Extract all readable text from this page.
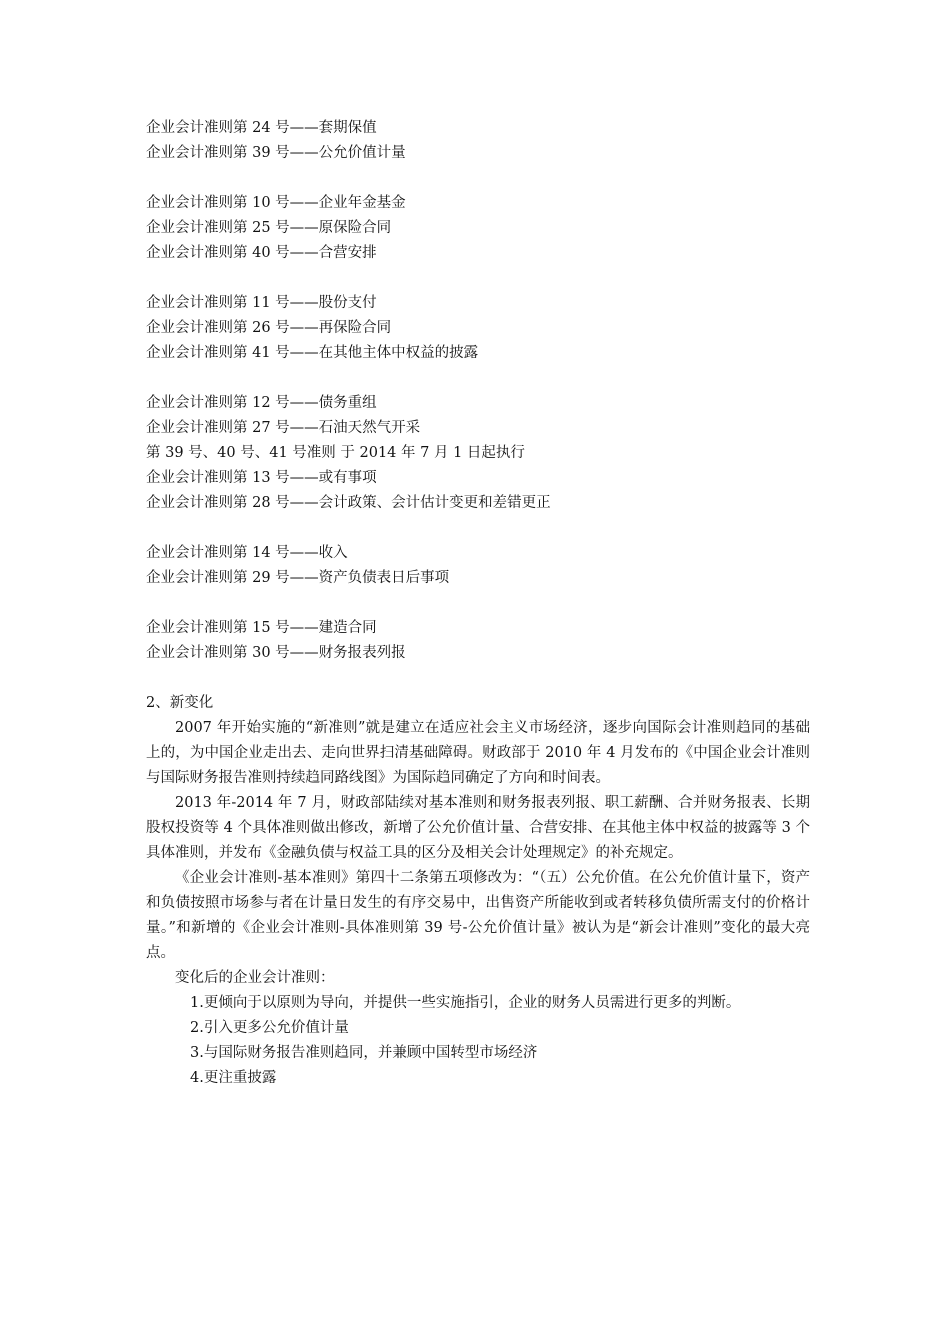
企业会计准则第 24 号——套期保值
企业会计准则第 39 号——公允价值计量
企业会计准则第 10 号——企业年金基金
企业会计准则第 25 号——原保险合同
企业会计准则第 40 号——合营安排
企业会计准则第 11 号——股份支付
企业会计准则第 26 号——再保险合同
企业会计准则第 41 号——在其他主体中权益的披露
企业会计准则第 12 号——债务重组
企业会计准则第 27 号——石油天然气开采
第 39 号、40 号、41 号准则 于 2014 年 7 月 1 日起执行
企业会计准则第 13 号——或有事项
企业会计准则第 28 号——会计政策、会计估计变更和差错更正
企业会计准则第 14 号——收入
企业会计准则第 29 号——资产负债表日后事项
企业会计准则第 15 号——建造合同
企业会计准则第 30 号——财务报表列报
2、新变化

2007 年开始实施的“新准则”就是建立在适应社会主义市场经济，逐步向国际会计准则趋同的基础上的，为中国企业走出去、走向世界扫清基础障碍。财政部于 2010 年 4 月发布的《中国企业会计准则与国际财务报告准则持续趋同路线图》为国际趋同确定了方向和时间表。

2013 年-2014 年 7 月，财政部陆续对基本准则和财务报表列报、职工薪酬、合并财务报表、长期股权投资等 4 个具体准则做出修改，新增了公允价值计量、合营安排、在其他主体中权益的披露等 3 个具体准则，并发布《金融负债与权益工具的区分及相关会计处理规定》的补充规定。

《企业会计准则-基本准则》第四十二条第五项修改为：“（五）公允价值。在公允价值计量下，资产和负债按照市场参与者在计量日发生的有序交易中，出售资产所能收到或者转移负债所需支付的价格计量。”和新增的《企业会计准则-具体准则第 39 号-公允价值计量》被认为是“新会计准则”变化的最大亮点。

变化后的企业会计准则：
1.更倾向于以原则为导向，并提供一些实施指引，企业的财务人员需进行更多的判断。
2.引入更多公允价值计量
3.与国际财务报告准则趋同，并兼顾中国转型市场经济
4.更注重披露
